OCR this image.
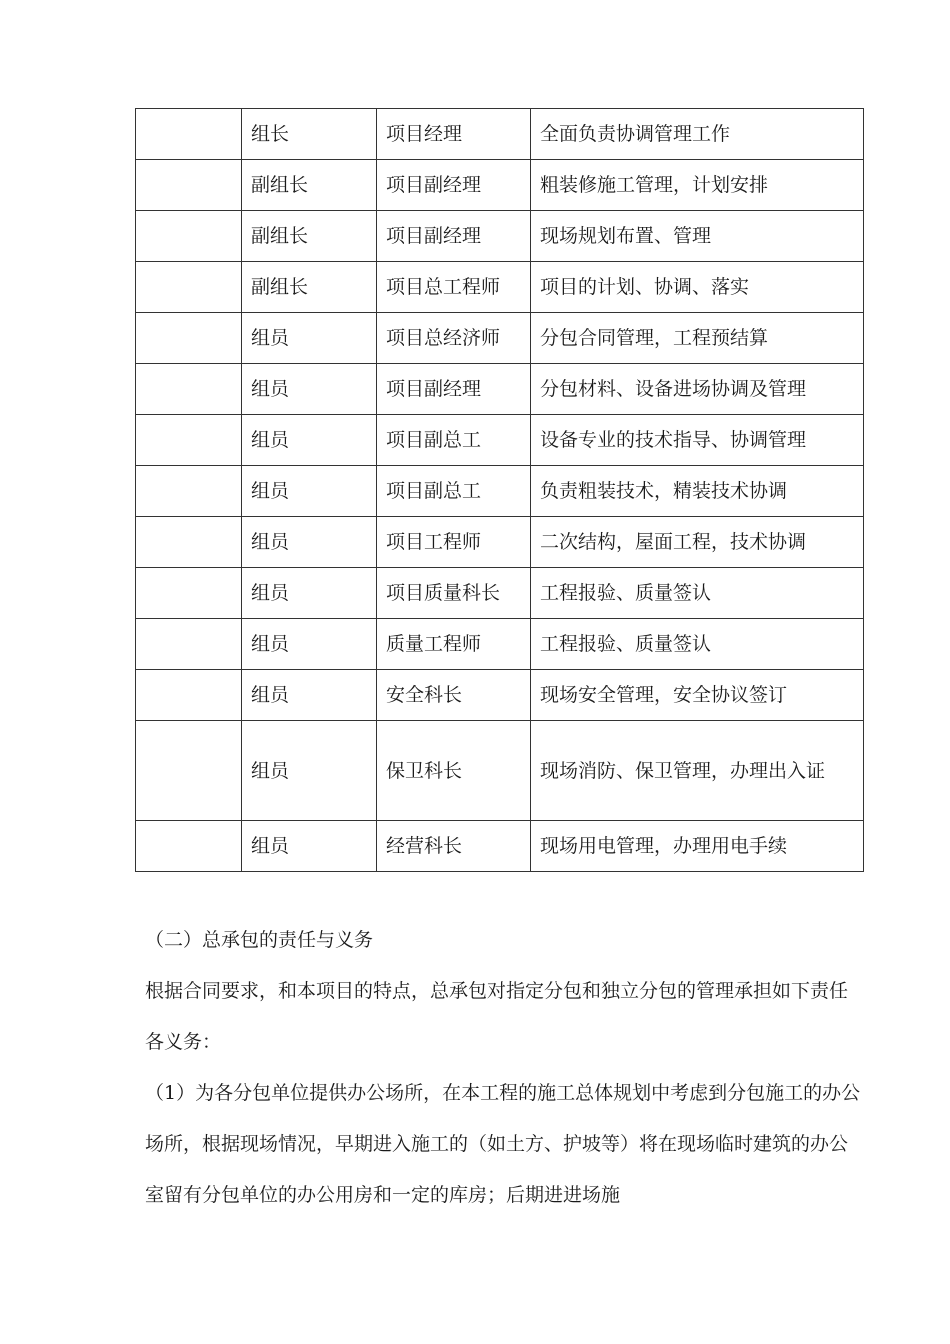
	组长	项目经理	全面负责协调管理工作
	副组长	项目副经理	粗装修施工管理，计划安排
	副组长	项目副经理	现场规划布置、管理
	副组长	项目总工程师	项目的计划、协调、落实
	组员	项目总经济师	分包合同管理，工程预结算
	组员	项目副经理	分包材料、设备进场协调及管理
	组员	项目副总工	设备专业的技术指导、协调管理
	组员	项目副总工	负责粗装技术，精装技术协调
	组员	项目工程师	二次结构，屋面工程，技术协调
	组员	项目质量科长	工程报验、质量签认
	组员	质量工程师	工程报验、质量签认
	组员	安全科长	现场安全管理，安全协议签订
	组员	保卫科长	现场消防、保卫管理，办理出入证
	组员	经营科长	现场用电管理，办理用电手续

（二）总承包的责任与义务

根据合同要求，和本项目的特点，总承包对指定分包和独立分包的管理承担如下责任各义务：

（1）为各分包单位提供办公场所，在本工程的施工总体规划中考虑到分包施工的办公场所，根据现场情况，早期进入施工的（如土方、护坡等）将在现场临时建筑的办公室留有分包单位的办公用房和一定的库房；后期进进场施
